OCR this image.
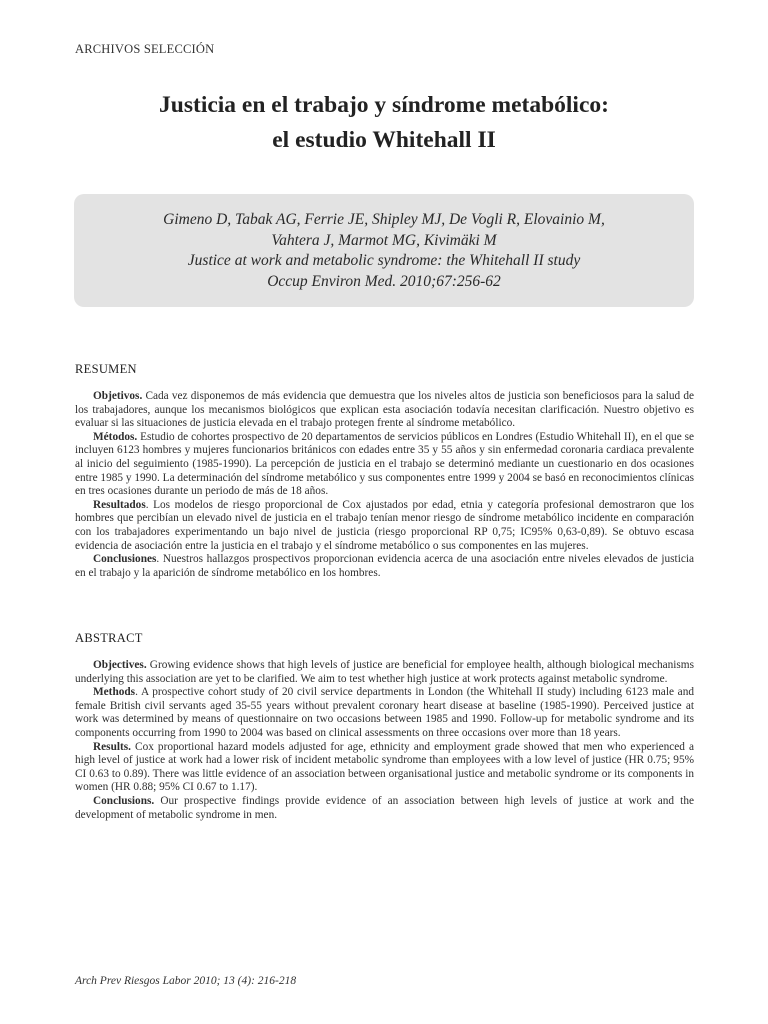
ARCHIVOS SELECCIÓN
Justicia en el trabajo y síndrome metabólico:
el estudio Whitehall II
Gimeno D, Tabak AG, Ferrie JE, Shipley MJ, De Vogli R, Elovainio M,
Vahtera J, Marmot MG, Kivimäki M
Justice at work and metabolic syndrome: the Whitehall II study
Occup Environ Med. 2010;67:256-62
RESUMEN

Objetivos. Cada vez disponemos de más evidencia que demuestra que los niveles altos de justicia son beneficiosos para la salud de los trabajadores, aunque los mecanismos biológicos que explican esta asociación todavía necesitan clarificación. Nuestro objetivo es evaluar si las situaciones de justicia elevada en el trabajo protegen frente al síndrome metabólico.

Métodos. Estudio de cohortes prospectivo de 20 departamentos de servicios públicos en Londres (Estudio Whitehall II), en el que se incluyen 6123 hombres y mujeres funcionarios británicos con edades entre 35 y 55 años y sin enfermedad coronaria cardiaca prevalente al inicio del seguimiento (1985-1990). La percepción de justicia en el trabajo se determinó mediante un cuestionario en dos ocasiones entre 1985 y 1990. La determinación del síndrome metabólico y sus componentes entre 1999 y 2004 se basó en reconocimientos clínicas en tres ocasiones durante un periodo de más de 18 años.

Resultados. Los modelos de riesgo proporcional de Cox ajustados por edad, etnia y categoría profesional demostraron que los hombres que percibían un elevado nivel de justicia en el trabajo tenían menor riesgo de síndrome metabólico incidente en comparación con los trabajadores experimentando un bajo nivel de justicia (riesgo proporcional RP 0,75; IC95% 0,63-0,89). Se obtuvo escasa evidencia de asociación entre la justicia en el trabajo y el síndrome metabólico o sus componentes en las mujeres.

Conclusiones. Nuestros hallazgos prospectivos proporcionan evidencia acerca de una asociación entre niveles elevados de justicia en el trabajo y la aparición de síndrome metabólico en los hombres.

ABSTRACT

Objectives. Growing evidence shows that high levels of justice are beneficial for employee health, although biological mechanisms underlying this association are yet to be clarified. We aim to test whether high justice at work protects against metabolic syndrome.

Methods. A prospective cohort study of 20 civil service departments in London (the Whitehall II study) including 6123 male and female British civil servants aged 35-55 years without prevalent coronary heart disease at baseline (1985-1990). Perceived justice at work was determined by means of questionnaire on two occasions between 1985 and 1990. Follow-up for metabolic syndrome and its components occurring from 1990 to 2004 was based on clinical assessments on three occasions over more than 18 years.

Results. Cox proportional hazard models adjusted for age, ethnicity and employment grade showed that men who experienced a high level of justice at work had a lower risk of incident metabolic syndrome than employees with a low level of justice (HR 0.75; 95% CI 0.63 to 0.89). There was little evidence of an association between organisational justice and metabolic syndrome or its components in women (HR 0.88; 95% CI 0.67 to 1.17).

Conclusions. Our prospective findings provide evidence of an association between high levels of justice at work and the development of metabolic syndrome in men.

Arch Prev Riesgos Labor 2010; 13 (4): 216-218
